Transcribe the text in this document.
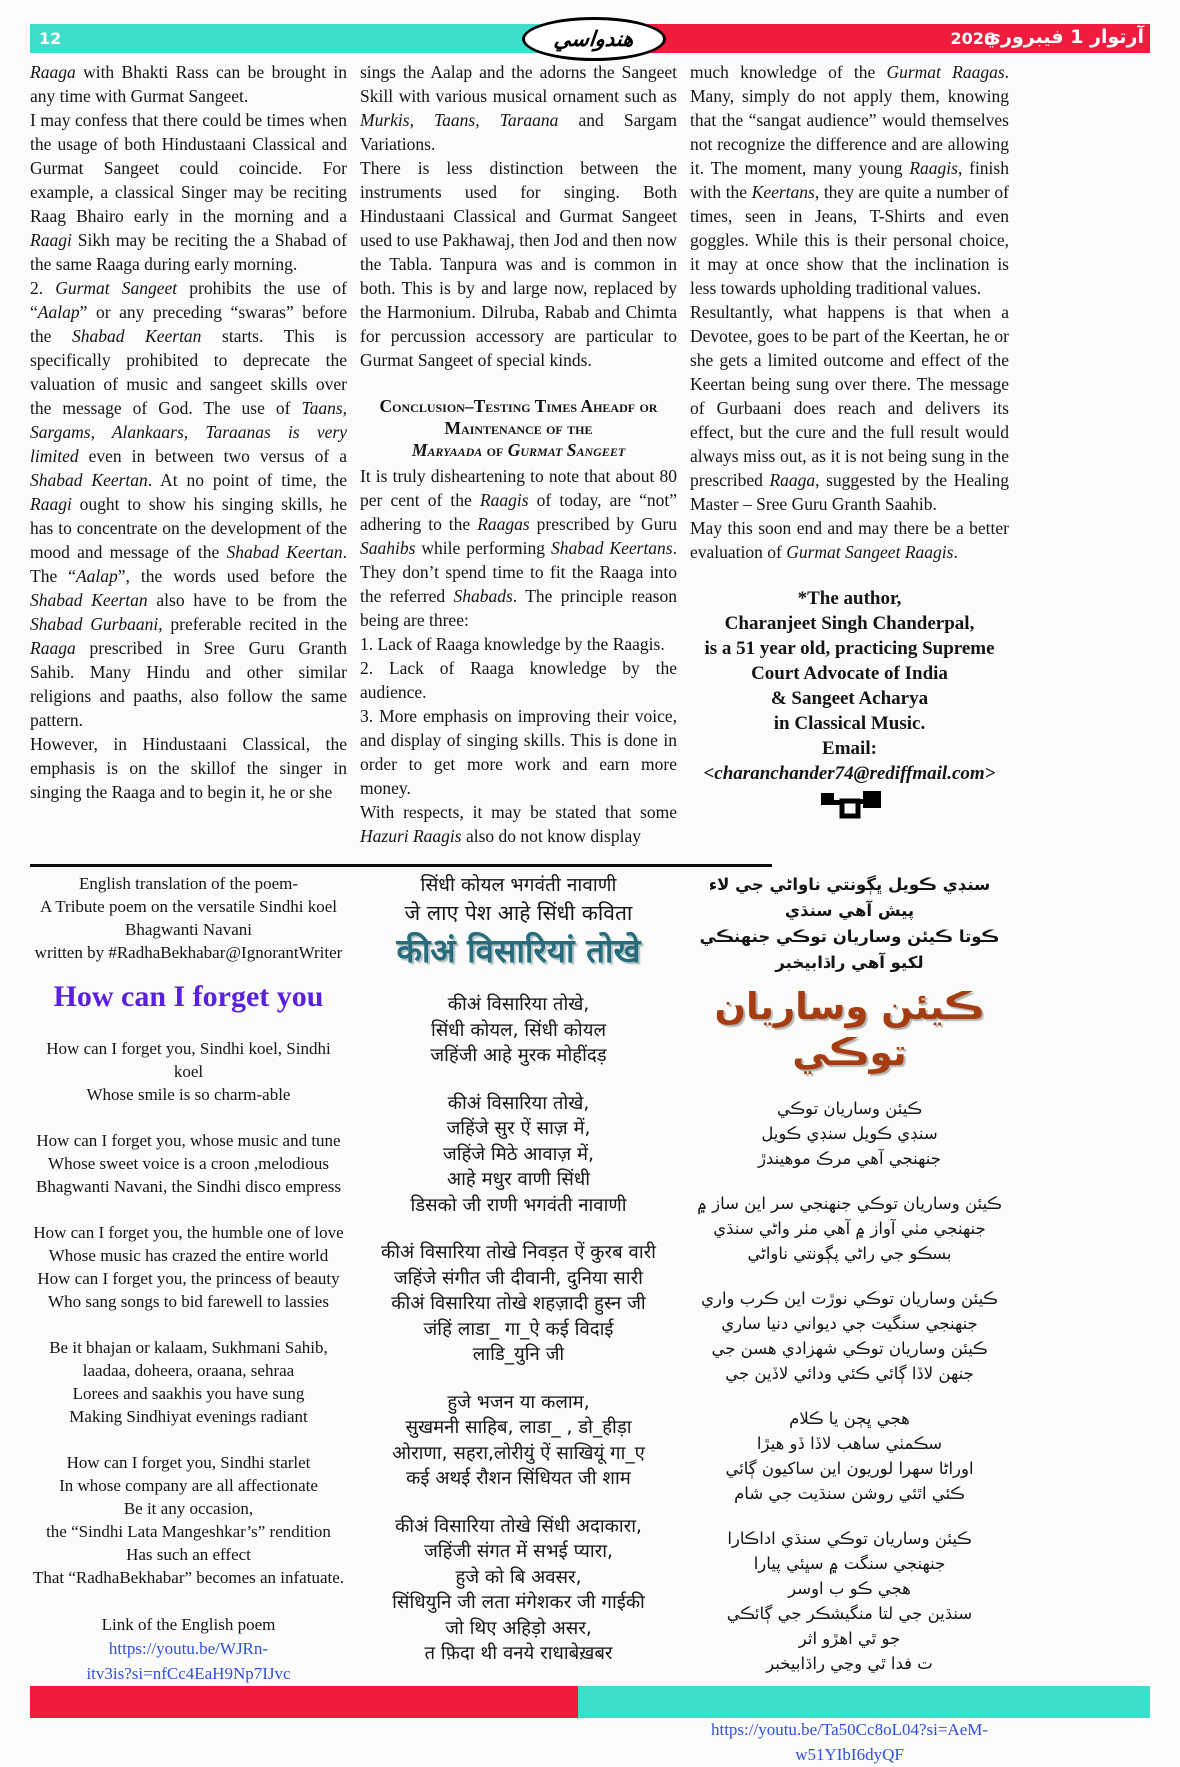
12	2026
آرتوار 1 فيبروري
هندواسي

Raaga with Bhakti Rass can be brought in any time with Gurmat Sangeet.

I may confess that there could be times when the usage of both Hindustaani Classical and Gurmat Sangeet could coincide. For example, a classical Singer may be reciting Raag Bhairo early in the morning and a Raagi Sikh may be reciting the a Shabad of the same Raaga during early morning.

2. Gurmat Sangeet prohibits the use of “Aalap” or any preceding “swaras” before the Shabad Keertan starts. This is specifically prohibited to deprecate the valuation of music and sangeet skills over the message of God. The use of Taans, Sargams, Alankaars, Taraanas is very limited even in between two versus of a Shabad Keertan. At no point of time, the Raagi ought to show his singing skills, he has to concentrate on the development of the mood and message of the Shabad Keertan. The “Aalap”, the words used before the Shabad Keertan also have to be from the Shabad Gurbaani, preferable recited in the Raaga prescribed in Sree Guru Granth Sahib. Many Hindu and other similar religions and paaths, also follow the same pattern.

However, in Hindustaani Classical, the emphasis is on the skillof the singer in singing the Raaga and to begin it, he or she

sings the Aalap and the adorns the Sangeet Skill with various musical ornament such as Murkis, Taans, Taraana and Sargam Variations.

There is less distinction between the instruments used for singing. Both Hindustaani Classical and Gurmat Sangeet used to use Pakhawaj, then Jod and then now the Tabla. Tanpura was and is common in both. This is by and large now, replaced by the Harmonium. Dilruba, Rabab and Chimta for percussion accessory are particular to Gurmat Sangeet of special kinds.

Conclusion–Testing Times Aheadf or
Maintenance of the
Maryaada of Gurmat Sangeet

It is truly disheartening to note that about 80 per cent of the Raagis of today, are “not” adhering to the Raagas prescribed by Guru Saahibs while performing Shabad Keertans. They don’t spend time to fit the Raaga into the referred Shabads. The principle reason being are three:

1. Lack of Raaga knowledge by the Raagis.

2. Lack of Raaga knowledge by the audience.

3. More emphasis on improving their voice, and display of singing skills. This is done in order to get more work and earn more money.

With respects, it may be stated that some Hazuri Raagis also do not know display

much knowledge of the Gurmat Raagas. Many, simply do not apply them, knowing that the “sangat audience” would themselves not recognize the difference and are allowing it. The moment, many young Raagis, finish with the Keertans, they are quite a number of times, seen in Jeans, T-Shirts and even goggles. While this is their personal choice, it may at once show that the inclination is less towards upholding traditional values.

Resultantly, what happens is that when a Devotee, goes to be part of the Keertan, he or she gets a limited outcome and effect of the Keertan being sung over there. The message of Gurbaani does reach and delivers its effect, but the cure and the full result would always miss out, as it is not being sung in the prescribed Raaga, suggested by the Healing Master – Sree Guru Granth Saahib.

May this soon end and may there be a better evaluation of Gurmat Sangeet Raagis.

*The author,
Charanjeet Singh Chanderpal,
is a 51 year old, practicing Supreme
Court Advocate of India
& Sangeet Acharya
in Classical Music.
Email:
<charanchander74@rediffmail.com>
English translation of the poem-
A Tribute poem on the versatile Sindhi koel
Bhagwanti Navani
written by #RadhaBekhabar@IgnorantWriter
How can I forget you
How can I forget you, Sindhi koel, Sindhi koel
Whose smile is so charm-able
How can I forget you, whose music and tune
Whose sweet voice is a croon ,melodious
Bhagwanti Navani, the Sindhi disco empress
How can I forget you, the humble one of love
Whose music has crazed the entire world
How can I forget you, the princess of beauty
Who sang songs to bid farewell to lassies
Be it bhajan or kalaam, Sukhmani Sahib,
laadaa, doheera, oraana, sehraa
Lorees and saakhis you have sung
Making Sindhiyat evenings radiant
How can I forget you, Sindhi starlet
In whose company are all affectionate
Be it any occasion,
the “Sindhi Lata Mangeshkar’s” rendition
Has such an effect
That “RadhaBekhabar” becomes an infatuate.
Link of the English poem
https://youtu.be/WJRn-
itv3is?si=nfCc4EaH9Np7IJvc
सिंधी कोयल भगवंती नावाणी
जे लाए पेश आहे सिंधी कविता
कीअं विसारियां तोखे
कीअं विसारिया तोखे,
सिंधी कोयल, सिंधी कोयल
जहिंजी आहे मुरक मोहींदड़
कीअं विसारिया तोखे,
जहिंजे सुर ऐं साज़ में,
जहिंजे मिठे आवाज़ में,
आहे मधुर वाणी सिंधी
डिसको जी राणी भगवंती नावाणी
कीअं विसारिया तोखे निवड़त ऐं कुरब वारी
जहिंजे संगीत जी दीवानी, दुनिया सारी
कीअं विसारिया तोखे शहज़ादी हुस्न जी
जंहिं लाडा_ गा_ऐ कई विदाई
लाडि_युनि जी
हुजे भजन या कलाम,
सुखमनी साहिब, लाडा_ , डो_हीड़ा
ओराणा, सहरा,लोरीयुं ऐं साखियूं गा_ए
कई अथई रौशन सिंधियत जी शाम
कीअं विसारिया तोखे सिंधी अदाकारा,
जहिंजी संगत में सभई प्यारा,
हुजे को बि अवसर,
सिंधियुनि जी लता मंगेशकर जी गाईकी
जो थिए अहिड़ो असर,
त फ़िदा थी वनये राधाबेख़बर
سنڊي ڪويل ڀڳونتي ناواڻي جي لاء پيش آهي سنڌي
ڪوتا ڪيئن وساريان توڪي جنهنڪي لکيو آهي راڌابيخبر
ڪيئن وساريان توڪي
ڪيئن وساريان توڪي
سنڊي ڪويل سنڊي ڪويل
جنهنجي آهي مرڪ موهيندڙ
ڪيئن وساريان توڪي جنهنجي سر اين ساز ۾
جنهنجي مٺي آواز ۾ آهي مٺر واڻي سنڌي
بسڪو جي راڻي پڳونتي ناواڻي
ڪيئن وساريان توڪي نوڙت اين ڪرب واري
جنهنجي سنگيت جي ديواني دنيا ساري
ڪيئن وساريان توڪي شهزادي هسن جي
جنهن لاڏا ڳائي ڪئي ودائي لاڏين جي
هجي ڀڄن يا ڪلام
سڪمٺي ساهب لاڏا ڏو هيڙا
اوراڻا سهرا لوريون اين ساکيون ڳائي
ڪئي اٿئي روشن سنڌيت جي شام
ڪيئن وساريان توڪي سنڌي اداڪارا
جنهنجي سنگت ۾ سڀئي پيارا
هجي ڪو ب اوسر
سنڌين جي لتا منگيشڪر جي ڳائڪي
جو ٿي اهڙو اثر
ت فدا ٿي وڃي راڌابيخبر
https://youtu.be/Ta50Cc8oL04?si=AeM-
w51YIbI6dyQF
